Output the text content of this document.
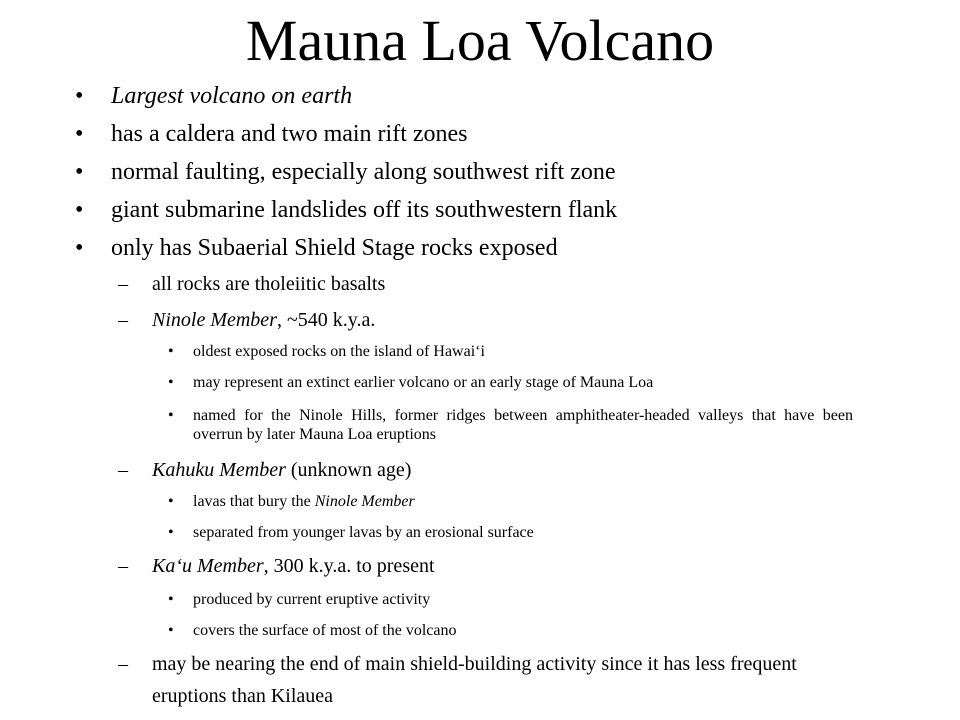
Mauna Loa Volcano
• Largest volcano on earth
• has a caldera and two main rift zones
• normal faulting, especially along southwest rift zone
• giant submarine landslides off its southwestern flank
• only has Subaerial Shield Stage rocks exposed
– all rocks are tholeiitic basalts
– Ninole Member, ~540 k.y.a.
• oldest exposed rocks on the island of Hawai‘i
• may represent an extinct earlier volcano or an early stage of Mauna Loa
• named for the Ninole Hills, former ridges between amphitheater-headed valleys that have been overrun by later Mauna Loa eruptions
– Kahuku Member (unknown age)
• lavas that bury the Ninole Member
• separated from younger lavas by an erosional surface
– Ka‘u Member, 300 k.y.a. to present
• produced by current eruptive activity
• covers the surface of most of the volcano
– may be nearing the end of main shield-building activity since it has less frequent eruptions than Kilauea
